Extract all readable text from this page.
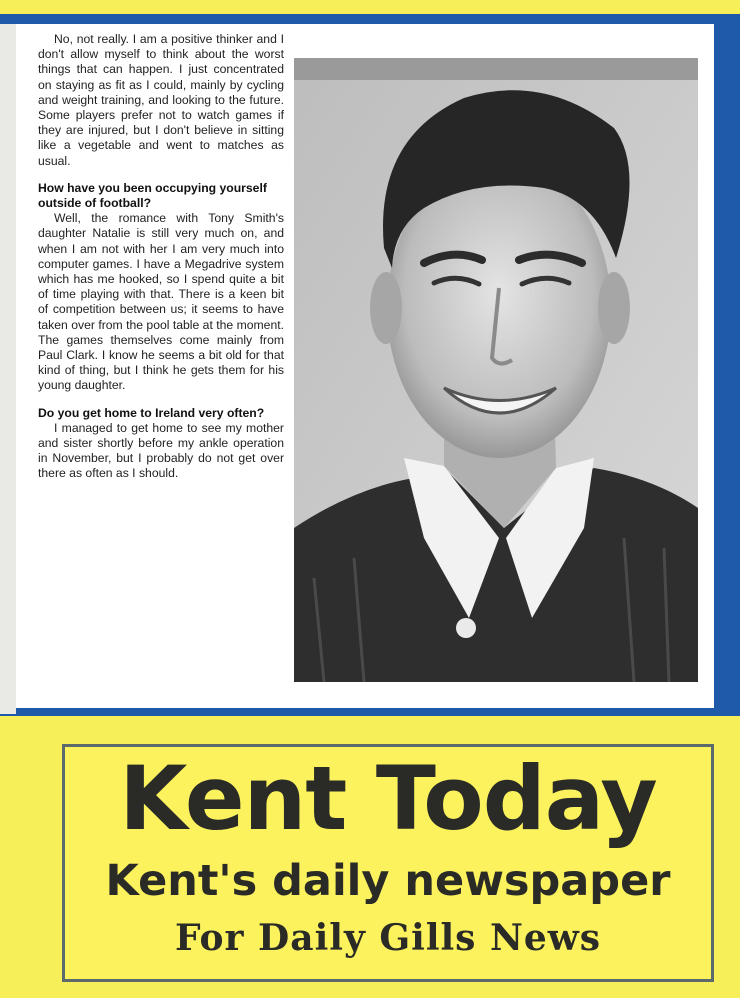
No, not really. I am a positive thinker and I don't allow myself to think about the worst things that can happen. I just concentrated on staying as fit as I could, mainly by cycling and weight training, and looking to the future. Some players prefer not to watch games if they are injured, but I don't believe in sitting like a vegetable and went to matches as usual.

How have you been occupying yourself outside of football?

Well, the romance with Tony Smith's daughter Natalie is still very much on, and when I am not with her I am very much into computer games. I have a Megadrive system which has me hooked, so I spend quite a bit of time playing with that. There is a keen bit of competition between us; it seems to have taken over from the pool table at the moment. The games themselves come mainly from Paul Clark. I know he seems a bit old for that kind of thing, but I think he gets them for his young daughter.

Do you get home to Ireland very often?

I managed to get home to see my mother and sister shortly before my ankle operation in November, but I probably do not get over there as often as I should.

Kent Today
Kent's daily newspaper
For Daily Gills News
